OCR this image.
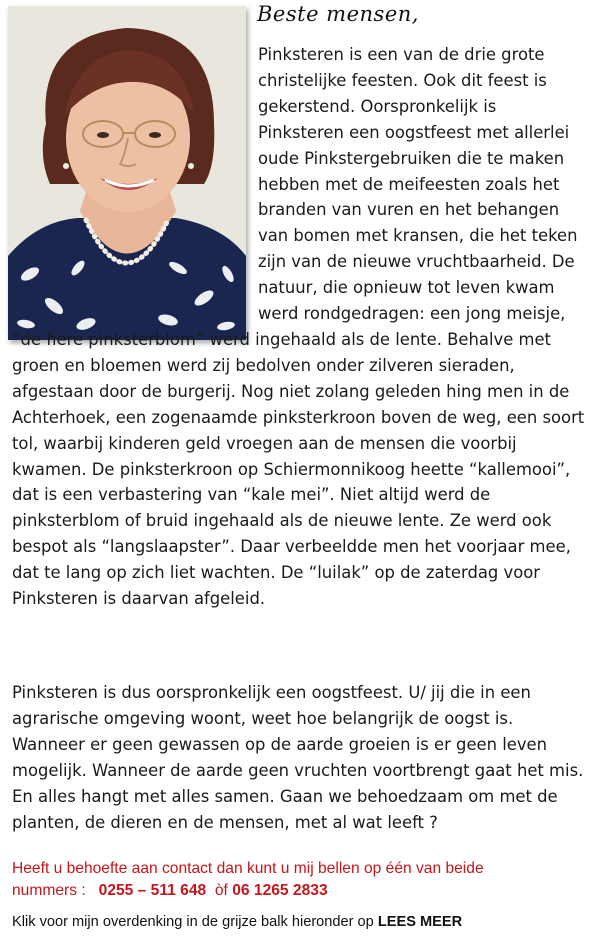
Beste mensen,
Pinksteren is een van de drie grote
christelijke feesten. Ook dit feest is
gekerstend. Oorspronkelijk is
Pinksteren een oogstfeest met allerlei
oude Pinkstergebruiken die te maken
hebben met de meifeesten zoals het
branden van vuren en het behangen
van bomen met kransen, die het teken
zijn van de nieuwe vruchtbaarheid. De
natuur, die opnieuw tot leven kwam
werd rondgedragen: een jong meisje,
“de fiere pinksterblom” werd ingehaald als de lente. Behalve met
groen en bloemen werd zij bedolven onder zilveren sieraden,
afgestaan door de burgerij. Nog niet zolang geleden hing men in de
Achterhoek, een zogenaamde pinksterkroon boven de weg, een soort
tol, waarbij kinderen geld vroegen aan de mensen die voorbij
kwamen. De pinksterkroon op Schiermonnikoog heette “kallemooi”,
dat is een verbastering van “kale mei”. Niet altijd werd de
pinksterblom of bruid ingehaald als de nieuwe lente. Ze werd ook
bespot als “langslaapster”. Daar verbeeldde men het voorjaar mee,
dat te lang op zich liet wachten. De “luilak” op de zaterdag voor
Pinksteren is daarvan afgeleid.
Pinksteren is dus oorspronkelijk een oogstfeest. U/ jij die in een
agrarische omgeving woont, weet hoe belangrijk de oogst is.
Wanneer er geen gewassen op de aarde groeien is er geen leven
mogelijk. Wanneer de aarde geen vruchten voortbrengt gaat het mis.
En alles hangt met alles samen. Gaan we behoedzaam om met de
planten, de dieren en de mensen, met al wat leeft ?
Heeft u behoefte aan contact dan kunt u mij bellen op één van beide
nummers : 0255 – 511 648 òf 06 1265 2833
Klik voor mijn overdenking in de grijze balk hieronder op LEES MEER
